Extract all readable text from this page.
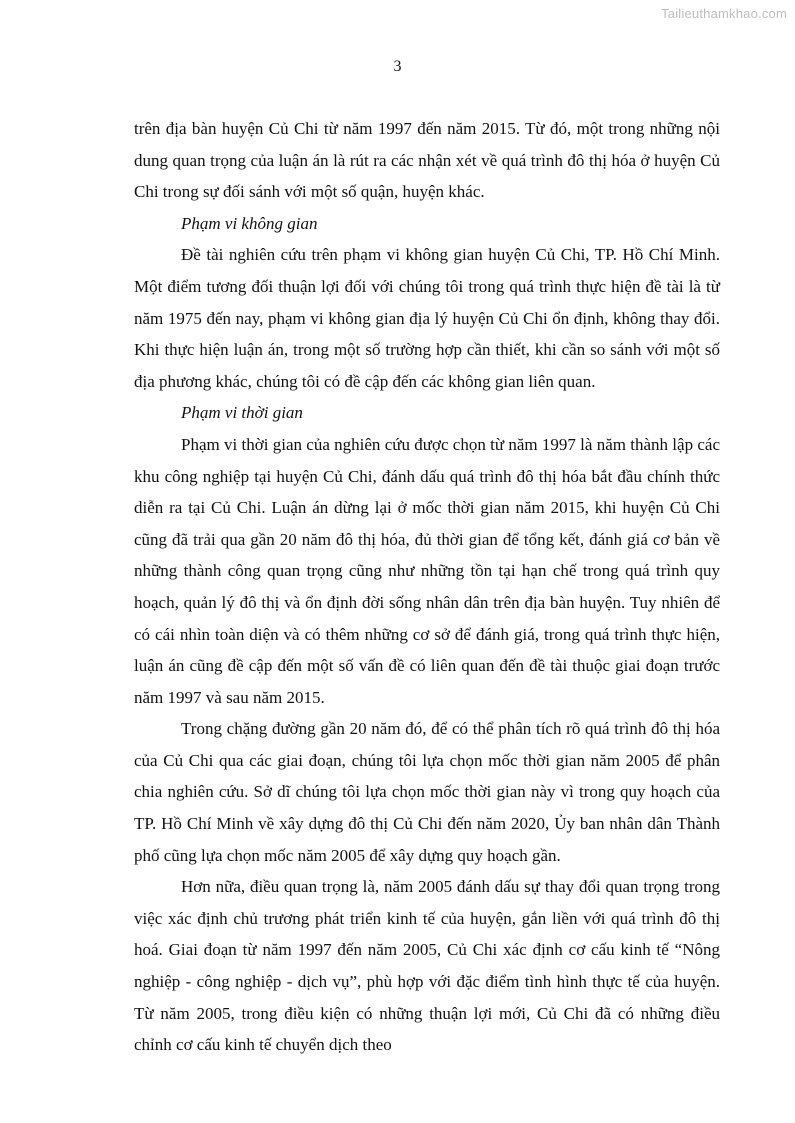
Tailieuthamkhao.com
3

trên địa bàn huyện Củ Chi từ năm 1997 đến năm 2015. Từ đó, một trong những nội dung quan trọng của luận án là rút ra các nhận xét về quá trình đô thị hóa ở huyện Củ Chi trong sự đối sánh với một số quận, huyện khác.

Phạm vi không gian

Đề tài nghiên cứu trên phạm vi không gian huyện Củ Chi, TP. Hồ Chí Minh. Một điểm tương đối thuận lợi đối với chúng tôi trong quá trình thực hiện đề tài là từ năm 1975 đến nay, phạm vi không gian địa lý huyện Củ Chi ổn định, không thay đổi. Khi thực hiện luận án, trong một số trường hợp cần thiết, khi cần so sánh với một số địa phương khác, chúng tôi có đề cập đến các không gian liên quan.

Phạm vi thời gian

Phạm vi thời gian của nghiên cứu được chọn từ năm 1997 là năm thành lập các khu công nghiệp tại huyện Củ Chi, đánh dấu quá trình đô thị hóa bắt đầu chính thức diễn ra tại Củ Chi. Luận án dừng lại ở mốc thời gian năm 2015, khi huyện Củ Chi cũng đã trải qua gần 20 năm đô thị hóa, đủ thời gian để tổng kết, đánh giá cơ bản về những thành công quan trọng cũng như những tồn tại hạn chế trong quá trình quy hoạch, quản lý đô thị và ổn định đời sống nhân dân trên địa bàn huyện. Tuy nhiên để có cái nhìn toàn diện và có thêm những cơ sở để đánh giá, trong quá trình thực hiện, luận án cũng đề cập đến một số vấn đề có liên quan đến đề tài thuộc giai đoạn trước năm 1997 và sau năm 2015.

Trong chặng đường gần 20 năm đó, để có thể phân tích rõ quá trình đô thị hóa của Củ Chi qua các giai đoạn, chúng tôi lựa chọn mốc thời gian năm 2005 để phân chia nghiên cứu. Sở dĩ chúng tôi lựa chọn mốc thời gian này vì trong quy hoạch của TP. Hồ Chí Minh về xây dựng đô thị Củ Chi đến năm 2020, Ủy ban nhân dân Thành phố cũng lựa chọn mốc năm 2005 để xây dựng quy hoạch gần.

Hơn nữa, điều quan trọng là, năm 2005 đánh dấu sự thay đổi quan trọng trong việc xác định chủ trương phát triển kinh tế của huyện, gắn liền với quá trình đô thị hoá. Giai đoạn từ năm 1997 đến năm 2005, Củ Chi xác định cơ cấu kinh tế “Nông nghiệp - công nghiệp - dịch vụ”, phù hợp với đặc điểm tình hình thực tế của huyện. Từ năm 2005, trong điều kiện có những thuận lợi mới, Củ Chi đã có những điều chỉnh cơ cấu kinh tế chuyển dịch theo
